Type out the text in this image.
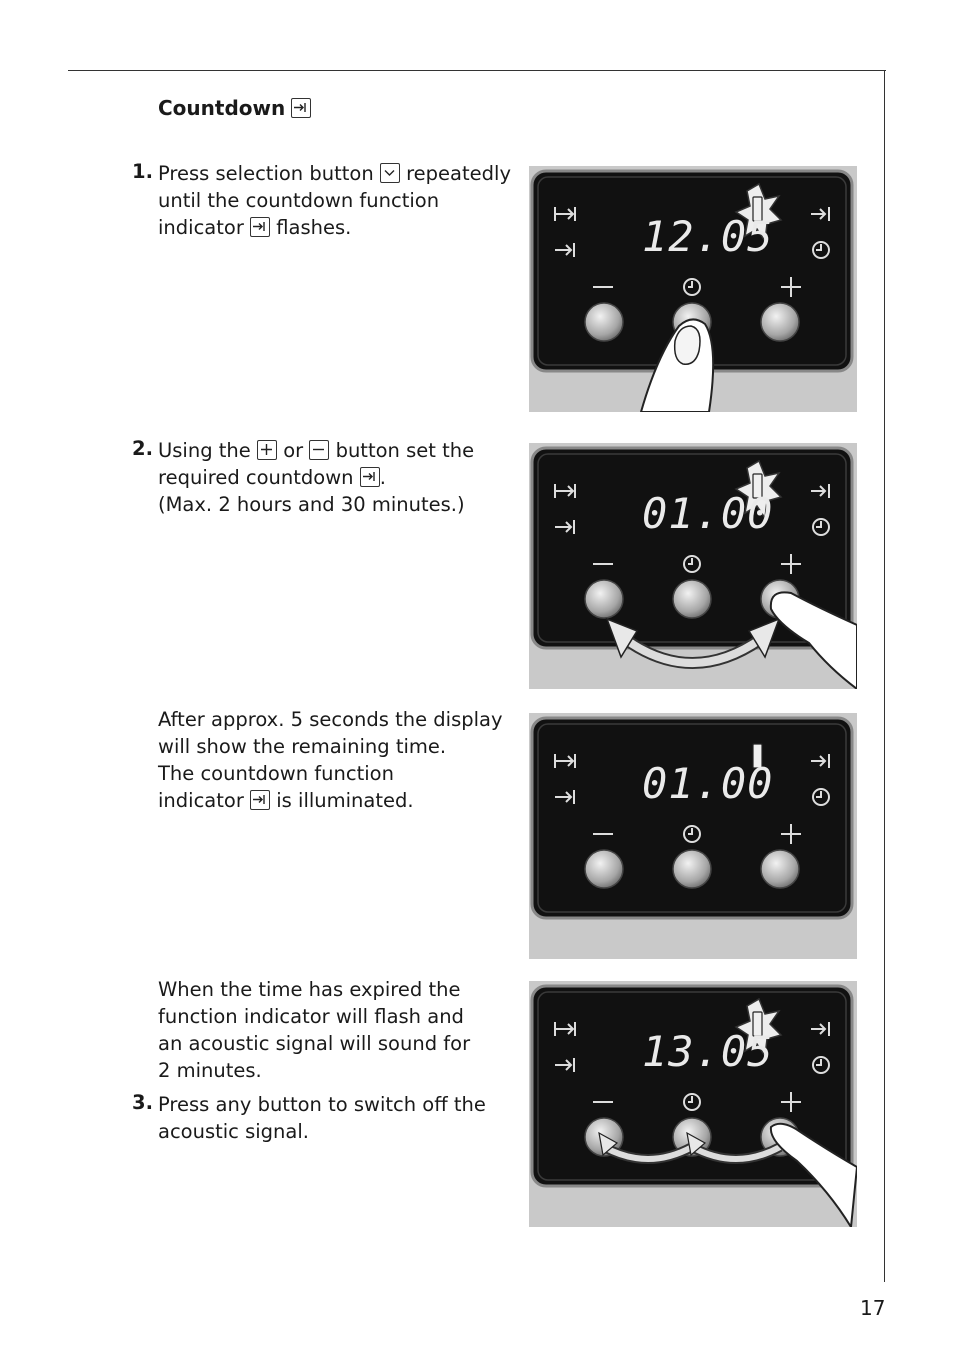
Countdown
1. Press selection button repeatedly
until the countdown function
indicator flashes.
2. Using the or button set the
required countdown .
(Max. 2 hours and 30 minutes.)
After approx. 5 seconds the display
will show the remaining time.
The countdown function
indicator is illuminated.
When the time has expired the
function indicator will flash and
an acoustic signal will sound for
2 minutes.
3. Press any button to switch off the
acoustic signal.
12.05
01.00
01.00
13.05
17
